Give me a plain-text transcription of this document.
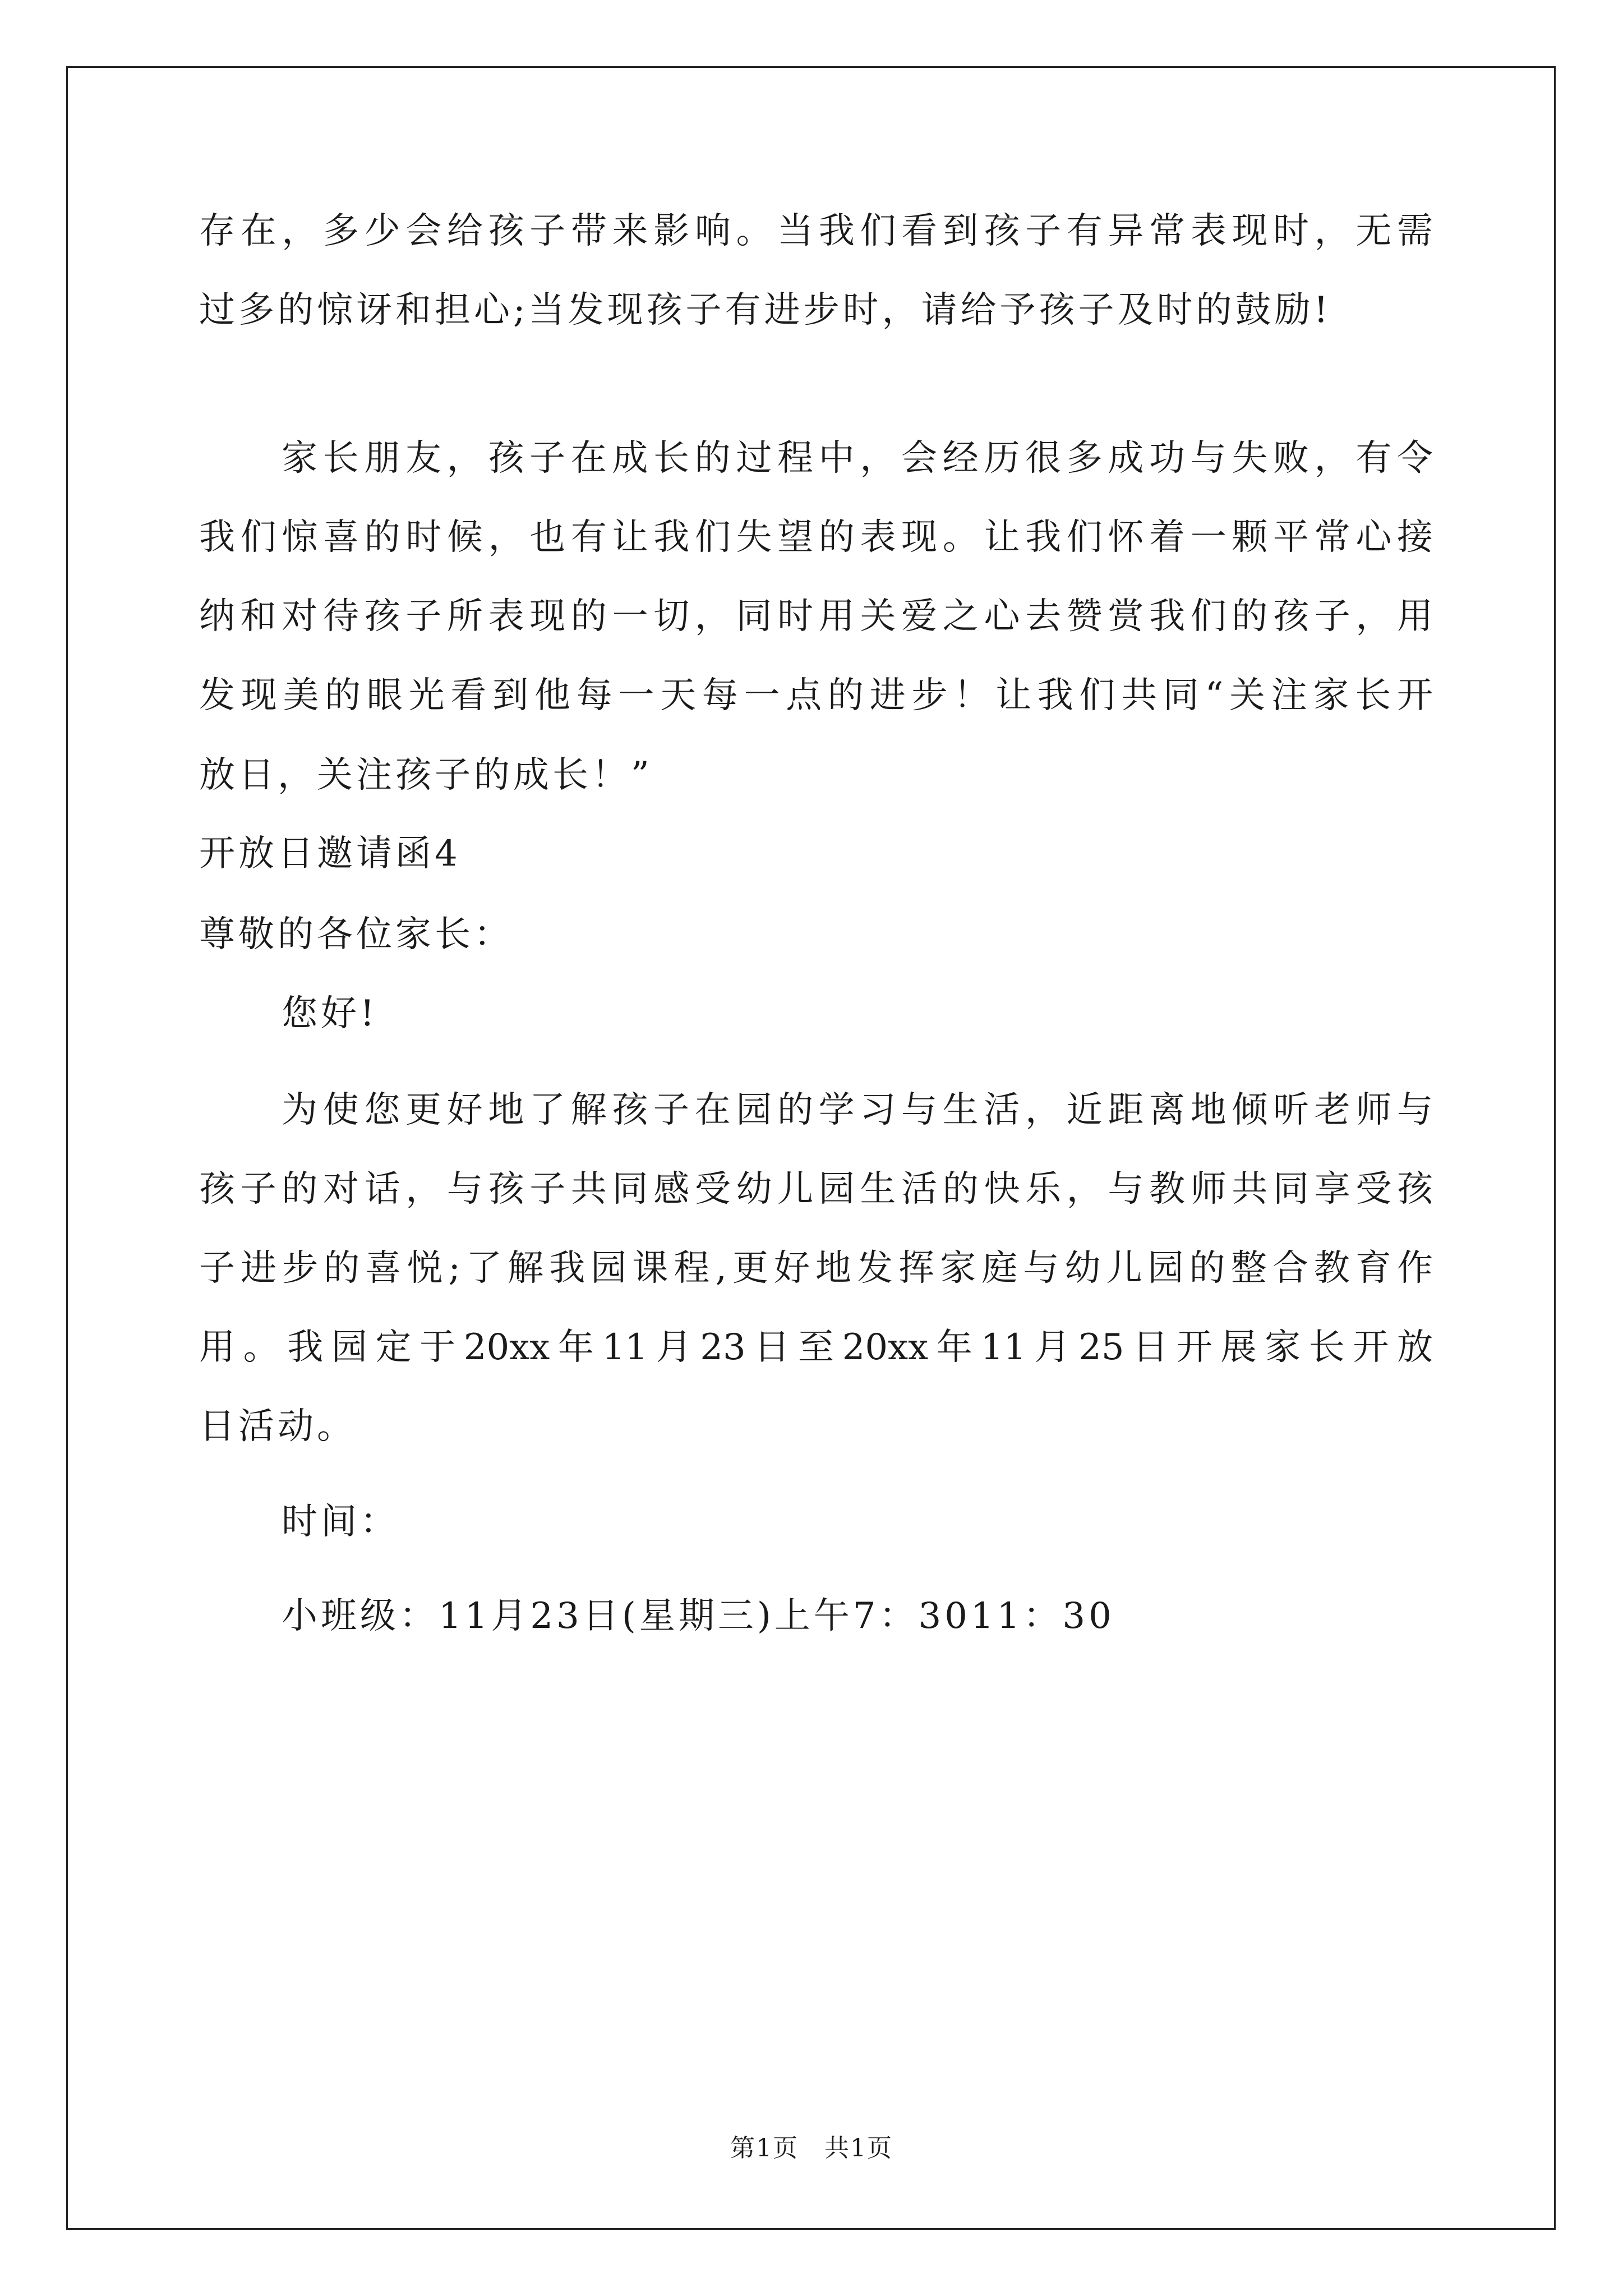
存在，多少会给孩子带来影响。当我们看到孩子有异常表现时，无需
过多的惊讶和担心;当发现孩子有进步时，请给予孩子及时的鼓励!
家长朋友，孩子在成长的过程中，会经历很多成功与失败，有令
我们惊喜的时候，也有让我们失望的表现。让我们怀着一颗平常心接
纳和对待孩子所表现的一切，同时用关爱之心去赞赏我们的孩子，用
发现美的眼光看到他每一天每一点的进步！让我们共同“关注家长开
放日，关注孩子的成长！”
开放日邀请函4
尊敬的各位家长：
您好!
为使您更好地了解孩子在园的学习与生活，近距离地倾听老师与
孩子的对话，与孩子共同感受幼儿园生活的快乐，与教师共同享受孩
子进步的喜悦;了解我园课程,更好地发挥家庭与幼儿园的整合教育作
用。我园定于20xx年11月23日至20xx年11月25日开展家长开放
日活动。
时间：
小班级：11月23日(星期三)上午7：3011：30
第1页　共1页
